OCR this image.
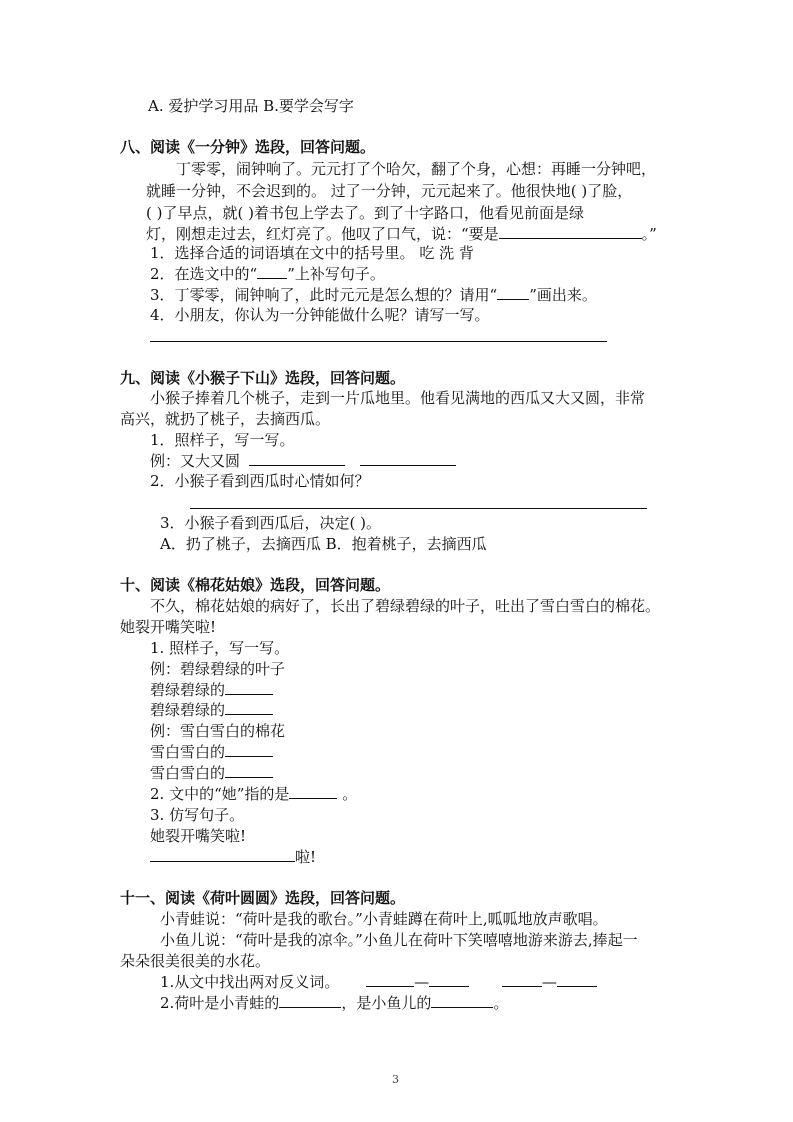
A. 爱护学习用品 B.要学会写字
八、阅读《一分钟》选段，回答问题。
丁零零，闹钟响了。元元打了个哈欠，翻了个身，心想：再睡一分钟吧，
就睡一分钟，不会迟到的。 过了一分钟，元元起来了。他很快地( )了脸，
( )了早点，就( )着书包上学去了。到了十字路口，他看见前面是绿
灯，刚想走过去，红灯亮了。他叹了口气，说：“要是	。”
1．选择合适的词语填在文中的括号里。 吃 洗 背
2．在选文中的“ ”上补写句子。
3．丁零零，闹钟响了，此时元元是怎么想的？请用“ ”画出来。
4．小朋友，你认为一分钟能做什么呢？请写一写。
九、阅读《小猴子下山》选段，回答问题。
小猴子捧着几个桃子，走到一片瓜地里。他看见满地的西瓜又大又圆，非常
高兴，就扔了桃子，去摘西瓜。
1．照样子，写一写。
例：又大又圆
2．小猴子看到西瓜时心情如何？
3．小猴子看到西瓜后，决定( )。
A．扔了桃子，去摘西瓜 B．抱着桃子，去摘西瓜
十、阅读《棉花姑娘》选段，回答问题。
不久，棉花姑娘的病好了，长出了碧绿碧绿的叶子，吐出了雪白雪白的棉花。
她裂开嘴笑啦!
1. 照样子，写一写。
例：碧绿碧绿的叶子
碧绿碧绿的
碧绿碧绿的
例：雪白雪白的棉花
雪白雪白的
雪白雪白的
2. 文中的“她”指的是	。
3. 仿写句子。
她裂开嘴笑啦!
啦!
十一、阅读《荷叶圆圆》选段，回答问题。
小青蛙说：“荷叶是我的歌台。”小青蛙蹲在荷叶上,呱呱地放声歌唱。
小鱼儿说：“荷叶是我的凉伞。”小鱼儿在荷叶下笑嘻嘻地游来游去,捧起一
朵朵很美很美的水花。
1.从文中找出两对反义词。	—	—
2.荷叶是小青蛙的	，是小鱼儿的	。
3
